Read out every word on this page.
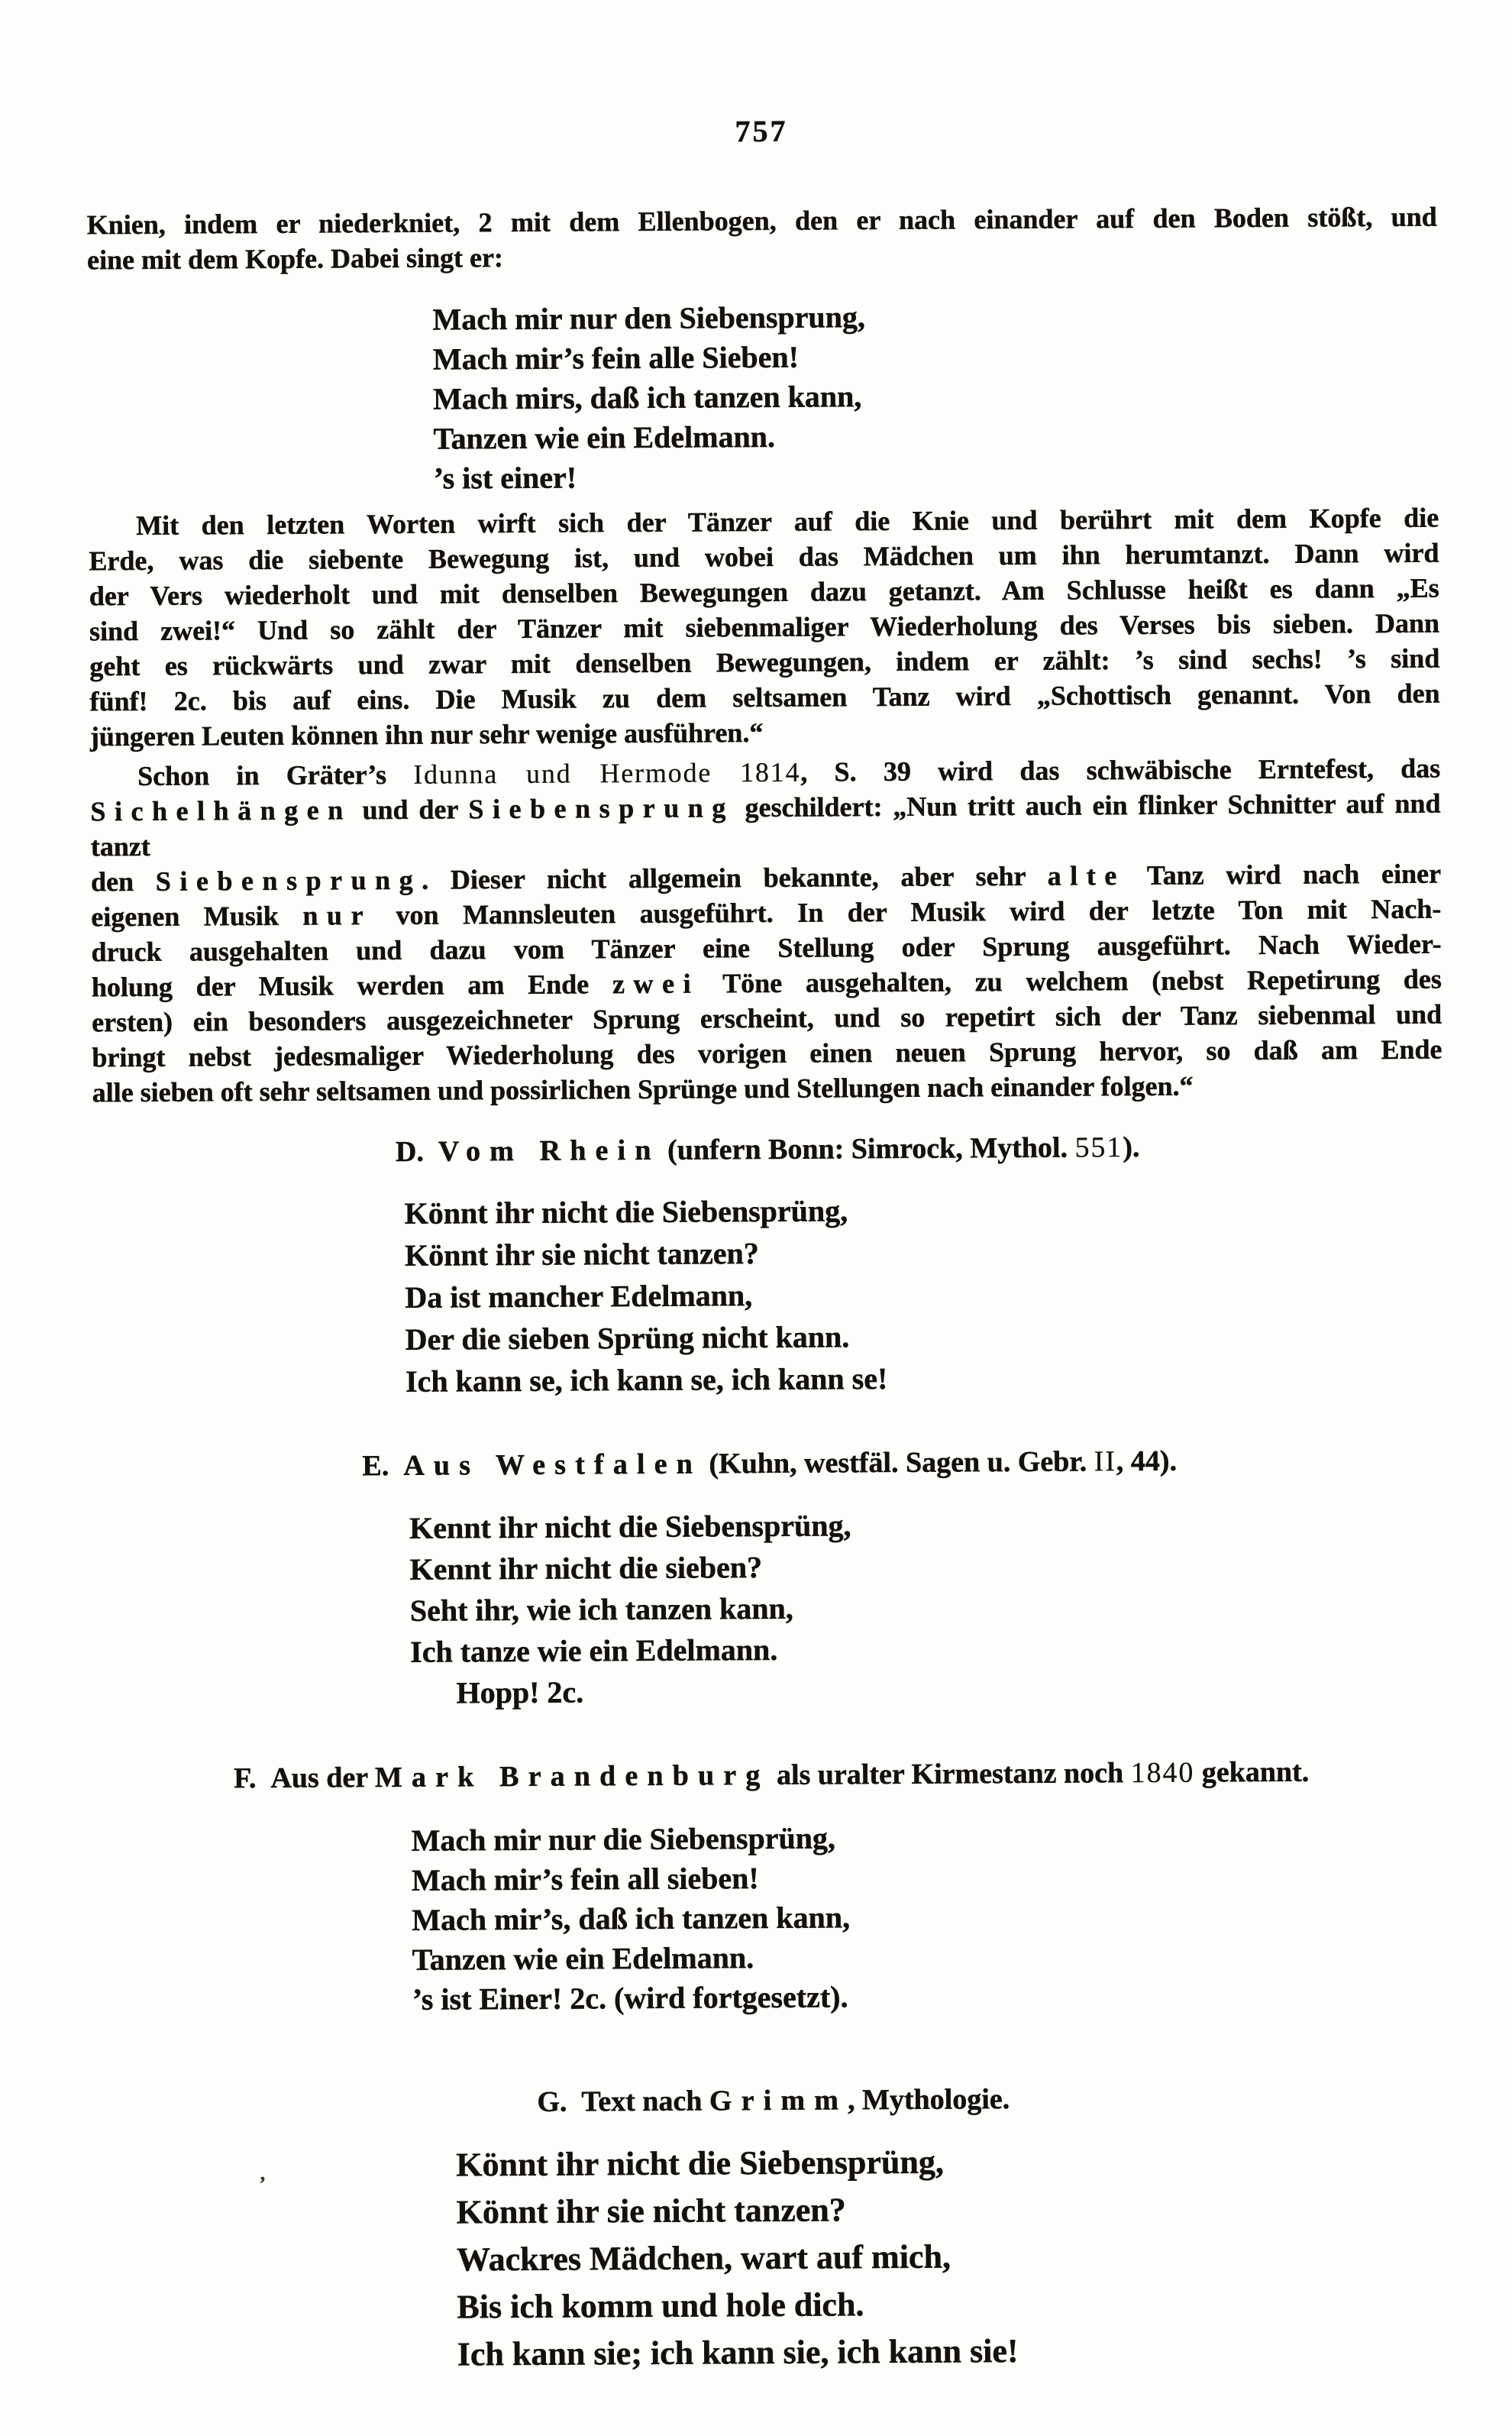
757
Knien, indem er niederkniet, 2 mit dem Ellenbogen, den er nach einander auf den Boden stößt, und
eine mit dem Kopfe. Dabei singt er:
Mach mir nur den Siebensprung,
Mach mir’s fein alle Sieben!
Mach mirs, daß ich tanzen kann,
Tanzen wie ein Edelmann.
’s ist einer!
Mit den letzten Worten wirft sich der Tänzer auf die Knie und berührt mit dem Kopfe die
Erde, was die siebente Bewegung ist, und wobei das Mädchen um ihn herumtanzt. Dann wird
der Vers wiederholt und mit denselben Bewegungen dazu getanzt. Am Schlusse heißt es dann „Es
sind zwei!“ Und so zählt der Tänzer mit siebenmaliger Wiederholung des Verses bis sieben. Dann
geht es rückwärts und zwar mit denselben Bewegungen, indem er zählt: ’s sind sechs! ’s sind
fünf! 2c. bis auf eins. Die Musik zu dem seltsamen Tanz wird „Schottisch genannt. Von den
jüngeren Leuten können ihn nur sehr wenige ausführen.“
Schon in Gräter’s Idunna und Hermode 1814, S. 39 wird das schwäbische Erntefest, das
Sichelhängen und der Siebensprung geschildert: „Nun tritt auch ein flinker Schnitter auf nnd tanzt
den Siebensprung. Dieser nicht allgemein bekannte, aber sehr alte Tanz wird nach einer
eigenen Musik nur von Mannsleuten ausgeführt. In der Musik wird der letzte Ton mit Nach-
druck ausgehalten und dazu vom Tänzer eine Stellung oder Sprung ausgeführt. Nach Wieder-
holung der Musik werden am Ende zwei Töne ausgehalten, zu welchem (nebst Repetirung des
ersten) ein besonders ausgezeichneter Sprung erscheint, und so repetirt sich der Tanz siebenmal und
bringt nebst jedesmaliger Wiederholung des vorigen einen neuen Sprung hervor, so daß am Ende
alle sieben oft sehr seltsamen und possirlichen Sprünge und Stellungen nach einander folgen.“
D.  Vom Rhein (unfern Bonn: Simrock, Mythol. 551).
Könnt ihr nicht die Siebensprüng,
Könnt ihr sie nicht tanzen?
Da ist mancher Edelmann,
Der die sieben Sprüng nicht kann.
Ich kann se, ich kann se, ich kann se!
E.  Aus Westfalen (Kuhn, westfäl. Sagen u. Gebr. II, 44).
Kennt ihr nicht die Siebensprüng,
Kennt ihr nicht die sieben?
Seht ihr, wie ich tanzen kann,
Ich tanze wie ein Edelmann.
Hopp! 2c.
F.  Aus der Mark Brandenburg als uralter Kirmestanz noch 1840 gekannt.
Mach mir nur die Siebensprüng,
Mach mir’s fein all sieben!
Mach mir’s, daß ich tanzen kann,
Tanzen wie ein Edelmann.
’s ist Einer! 2c. (wird fortgesetzt).
G.  Text nach Grimm, Mythologie.
Könnt ihr nicht die Siebensprüng,
Könnt ihr sie nicht tanzen?
Wackres Mädchen, wart auf mich,
Bis ich komm und hole dich.
Ich kann sie; ich kann sie, ich kann sie!
’
